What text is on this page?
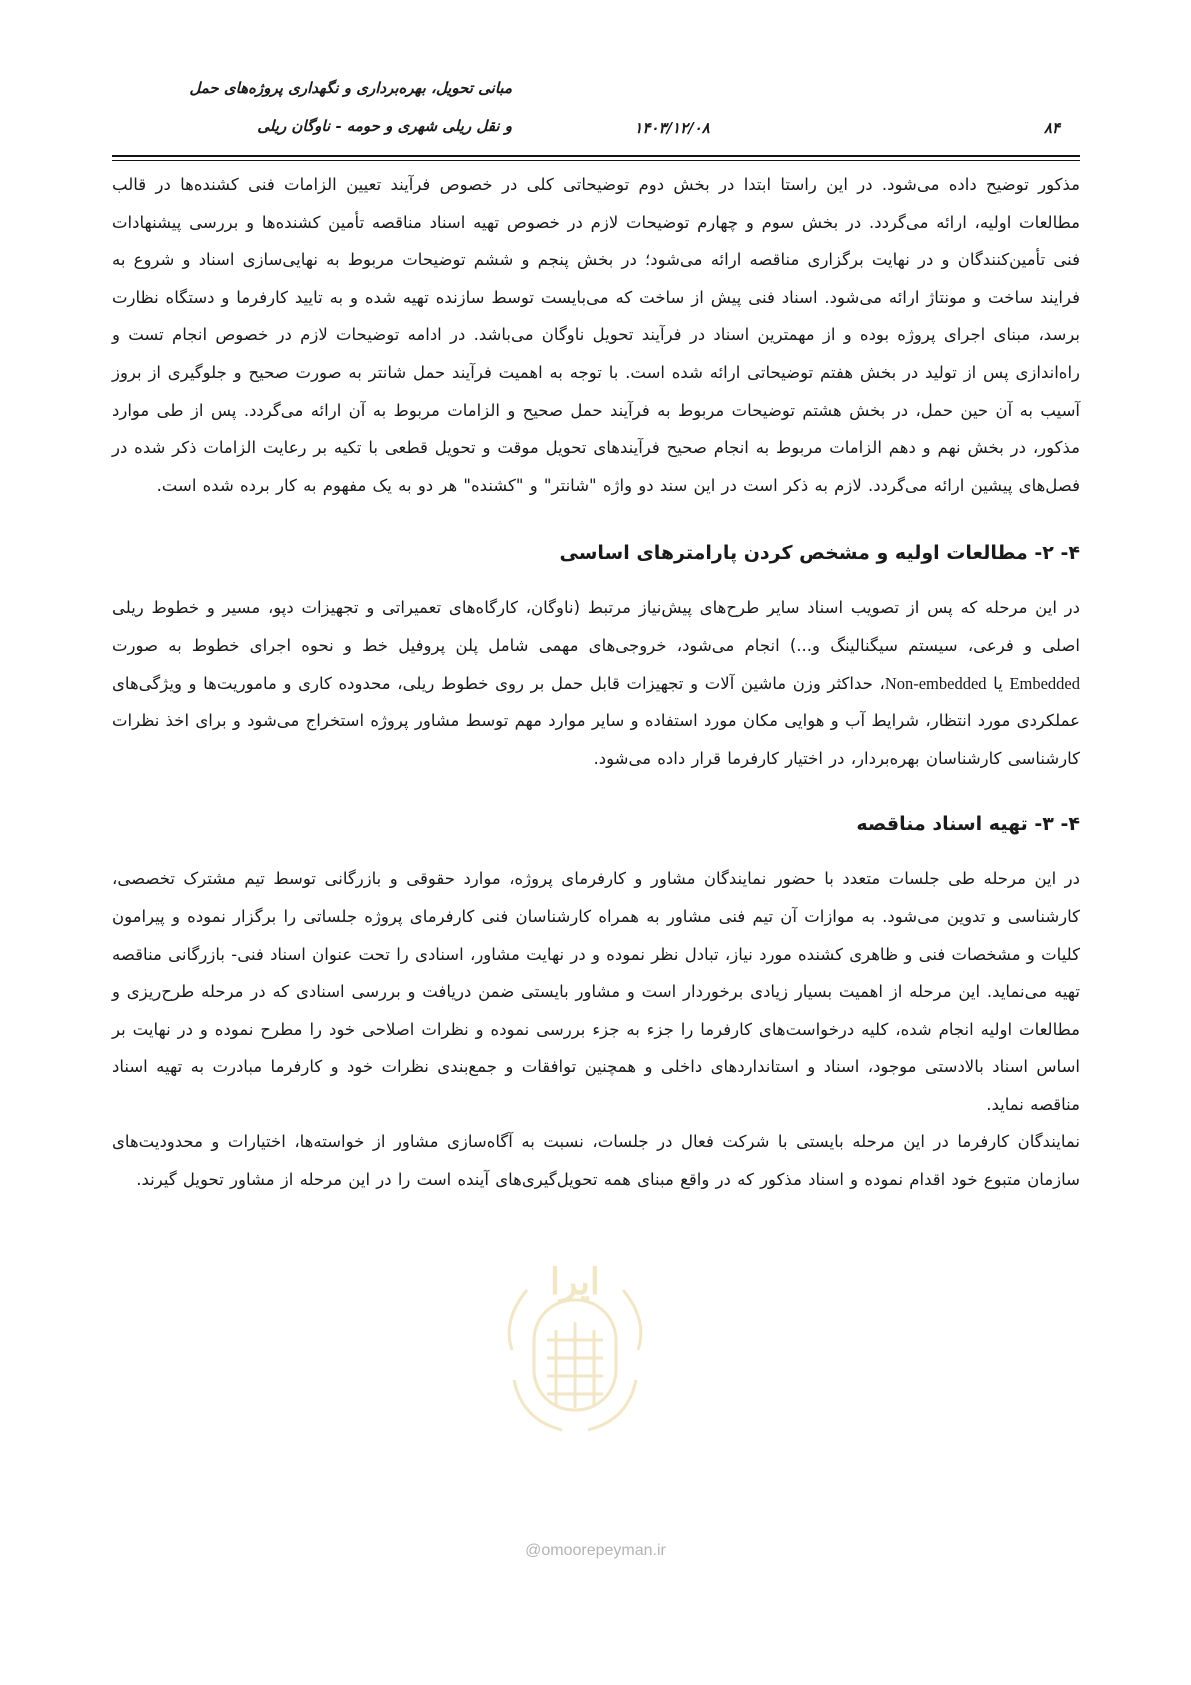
مبانی تحویل، بهره‌برداری و نگهداری پروژه‌های حمل
و نقل ریلی شهری و حومه - ناوگان ریلی	۱۴۰۳/۱۲/۰۸	۸۴

مذکور توضیح داده می‌شود. در این راستا ابتدا در بخش دوم توضیحاتی کلی در خصوص فرآیند تعیین الزامات فنی کشنده‌ها در قالب مطالعات اولیه، ارائه می‌گردد. در بخش سوم و چهارم توضیحات لازم در خصوص تهیه اسناد مناقصه تأمین کشنده‌ها و بررسی پیشنهادات فنی تأمین‌کنندگان و در نهایت برگزاری مناقصه ارائه می‌شود؛ در بخش پنجم و ششم توضیحات مربوط به نهایی‌سازی اسناد و شروع به فرایند ساخت و مونتاژ ارائه می‌شود. اسناد فنی پیش از ساخت که می‌بایست توسط سازنده تهیه شده و به تایید کارفرما و دستگاه نظارت برسد، مبنای اجرای پروژه بوده و از مهمترین اسناد در فرآیند تحویل ناوگان می‌باشد. در ادامه توضیحات لازم در خصوص انجام تست و راه‌اندازی پس از تولید در بخش هفتم توضیحاتی ارائه شده است. با توجه به اهمیت فرآیند حمل شانتر به صورت صحیح و جلوگیری از بروز آسیب به آن حین حمل، در بخش هشتم توضیحات مربوط به فرآیند حمل صحیح و الزامات مربوط به آن ارائه می‌گردد. پس از طی موارد مذکور، در بخش نهم و دهم الزامات مربوط به انجام صحیح فرآیندهای تحویل موقت و تحویل قطعی با تکیه بر رعایت الزامات ذکر شده در فصل‌های پیشین ارائه می‌گردد. لازم به ذکر است در این سند دو واژه "شانتر" و "کشنده" هر دو به یک مفهوم به کار برده شده است.

۴- ۲- مطالعات اولیه و مشخص کردن پارامترهای اساسی

در این مرحله که پس از تصویب اسناد سایر طرح‌های پیش‌نیاز مرتبط (ناوگان، کارگاه‌های تعمیراتی و تجهیزات دپو، مسیر و خطوط ریلی اصلی و فرعی، سیستم سیگنالینگ و...) انجام می‌شود، خروجی‌های مهمی شامل پلن پروفیل خط و نحوه اجرای خطوط به صورت Embedded یا Non-embedded، حداکثر وزن ماشین آلات و تجهیزات قابل حمل بر روی خطوط ریلی، محدوده کاری و ماموریت‌ها و ویژگی‌های عملکردی مورد انتظار، شرایط آب و هوایی مکان مورد استفاده و سایر موارد مهم توسط مشاور پروژه استخراج می‌شود و برای اخذ نظرات کارشناسی کارشناسان بهره‌بردار، در اختیار کارفرما قرار داده می‌شود.

۴- ۳- تهیه اسناد مناقصه

در این مرحله طی جلسات متعدد با حضور نمایندگان مشاور و کارفرمای پروژه، موارد حقوقی و بازرگانی توسط تیم مشترک تخصصی، کارشناسی و تدوین می‌شود. به موازات آن تیم فنی مشاور به همراه کارشناسان فنی کارفرمای پروژه جلساتی را برگزار نموده و پیرامون کلیات و مشخصات فنی و ظاهری کشنده مورد نیاز، تبادل نظر نموده و در نهایت مشاور، اسنادی را تحت عنوان اسناد فنی- بازرگانی مناقصه تهیه می‌نماید. این مرحله از اهمیت بسیار زیادی برخوردار است و مشاور بایستی ضمن دریافت و بررسی اسنادی که در مرحله طرح‌ریزی و مطالعات اولیه انجام شده، کلیه درخواست‌های کارفرما را جزء به جزء بررسی نموده و نظرات اصلاحی خود را مطرح نموده و در نهایت بر اساس اسناد بالادستی موجود، اسناد و استانداردهای داخلی و همچنین توافقات و جمع‌بندی نظرات خود و کارفرما مبادرت به تهیه اسناد مناقصه نماید.

نمایندگان کارفرما در این مرحله بایستی با شرکت فعال در جلسات، نسبت به آگاه‌سازی مشاور از خواسته‌ها، اختیارات و محدودیت‌های سازمان متبوع خود اقدام نموده و اسناد مذکور که در واقع مبنای همه تحویل‌گیری‌های آینده است را در این مرحله از مشاور تحویل گیرند.

ایرا
@omoorepeyman.ir
